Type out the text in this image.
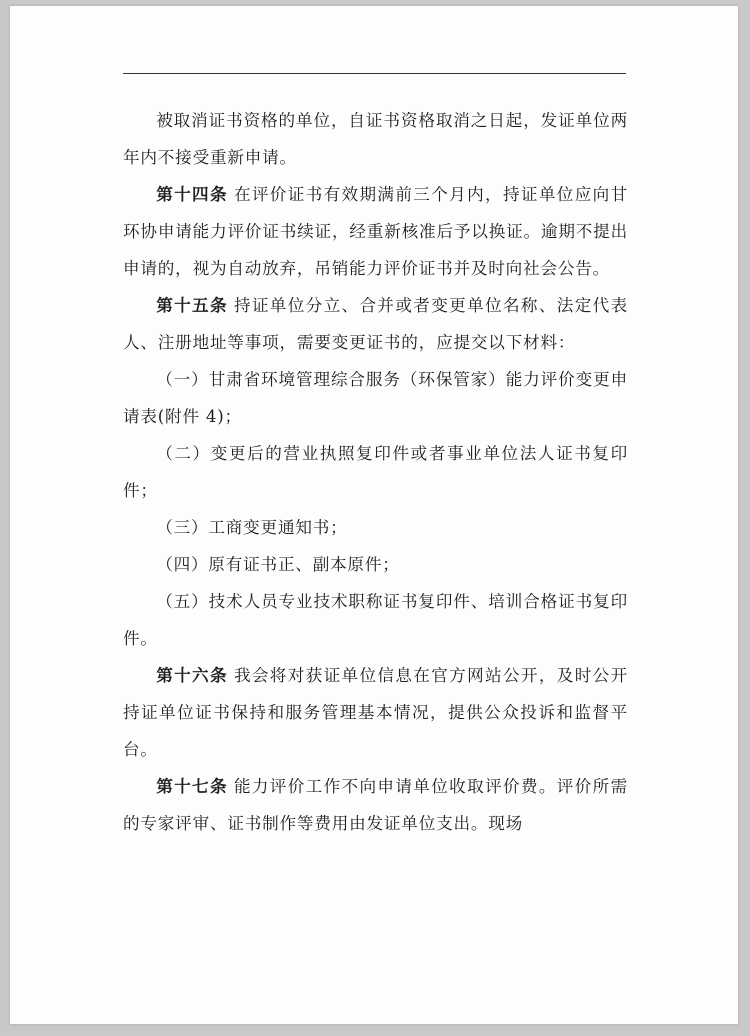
被取消证书资格的单位，自证书资格取消之日起，发证单位两年内不接受重新申请。

第十四条 在评价证书有效期满前三个月内，持证单位应向甘环协申请能力评价证书续证，经重新核准后予以换证。逾期不提出申请的，视为自动放弃，吊销能力评价证书并及时向社会公告。

第十五条 持证单位分立、合并或者变更单位名称、法定代表人、注册地址等事项，需要变更证书的，应提交以下材料：

（一）甘肃省环境管理综合服务（环保管家）能力评价变更申请表(附件 4)；

（二）变更后的营业执照复印件或者事业单位法人证书复印件；

（三）工商变更通知书；

（四）原有证书正、副本原件；

（五）技术人员专业技术职称证书复印件、培训合格证书复印件。

第十六条 我会将对获证单位信息在官方网站公开，及时公开持证单位证书保持和服务管理基本情况，提供公众投诉和监督平台。

第十七条 能力评价工作不向申请单位收取评价费。评价所需的专家评审、证书制作等费用由发证单位支出。现场
